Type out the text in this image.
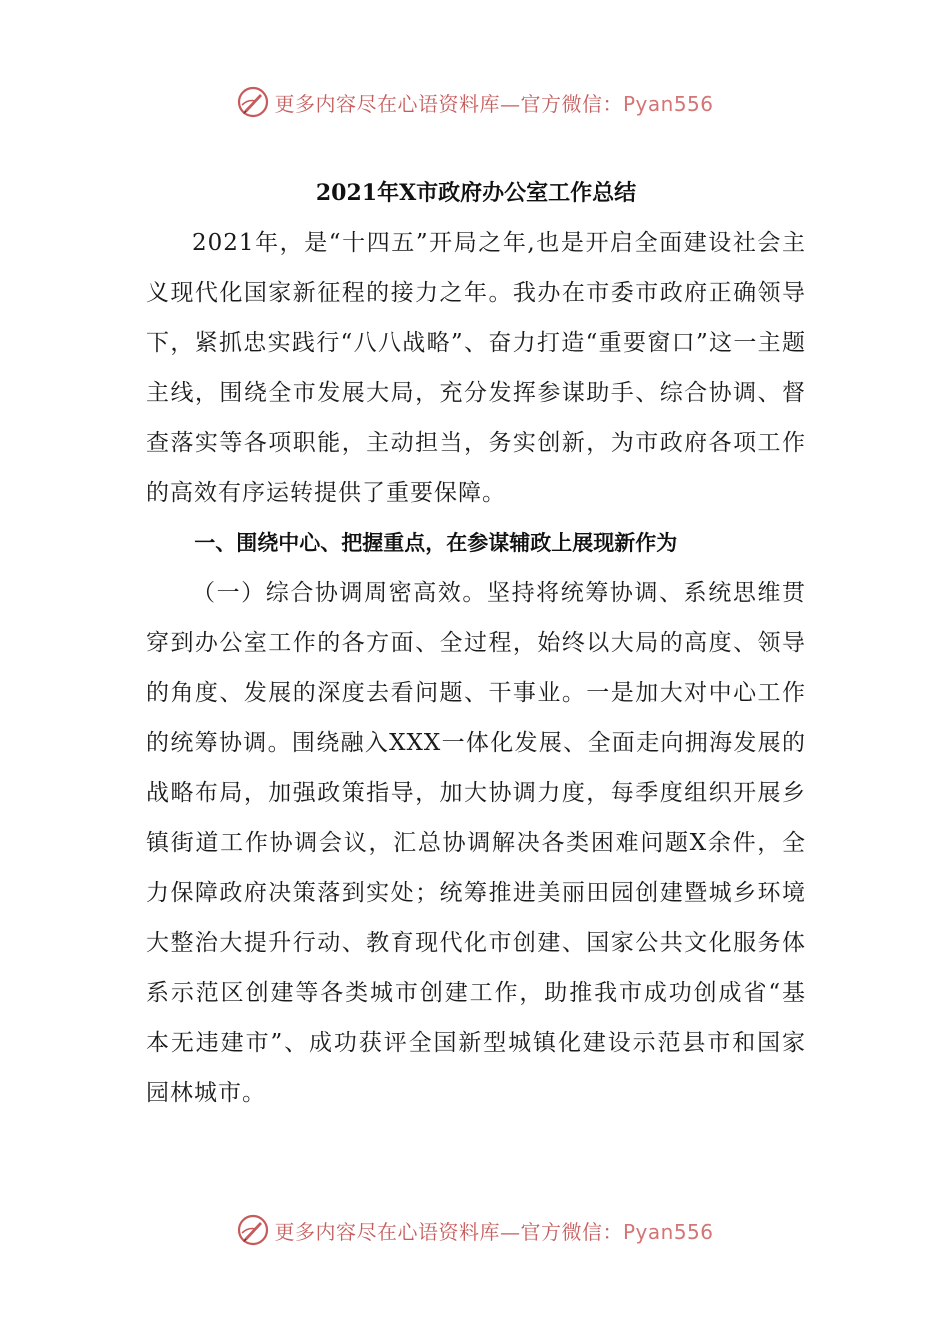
更多内容尽在心语资料库—官方微信：Pyan556

2021年X市政府办公室工作总结

2021年，是“十四五”开局之年,也是开启全面建设社会主义现代化国家新征程的接力之年。我办在市委市政府正确领导下，紧抓忠实践行“八八战略”、奋力打造“重要窗口”这一主题主线，围绕全市发展大局，充分发挥参谋助手、综合协调、督查落实等各项职能，主动担当，务实创新，为市政府各项工作的高效有序运转提供了重要保障。

一、围绕中心、把握重点，在参谋辅政上展现新作为

（一）综合协调周密高效。坚持将统筹协调、系统思维贯穿到办公室工作的各方面、全过程，始终以大局的高度、领导的角度、发展的深度去看问题、干事业。一是加大对中心工作的统筹协调。围绕融入XXX一体化发展、全面走向拥海发展的战略布局，加强政策指导，加大协调力度，每季度组织开展乡镇街道工作协调会议，汇总协调解决各类困难问题X余件，全力保障政府决策落到实处；统筹推进美丽田园创建暨城乡环境大整治大提升行动、教育现代化市创建、国家公共文化服务体系示范区创建等各类城市创建工作，助推我市成功创成省“基本无违建市”、成功获评全国新型城镇化建设示范县市和国家园林城市。

更多内容尽在心语资料库—官方微信：Pyan556
